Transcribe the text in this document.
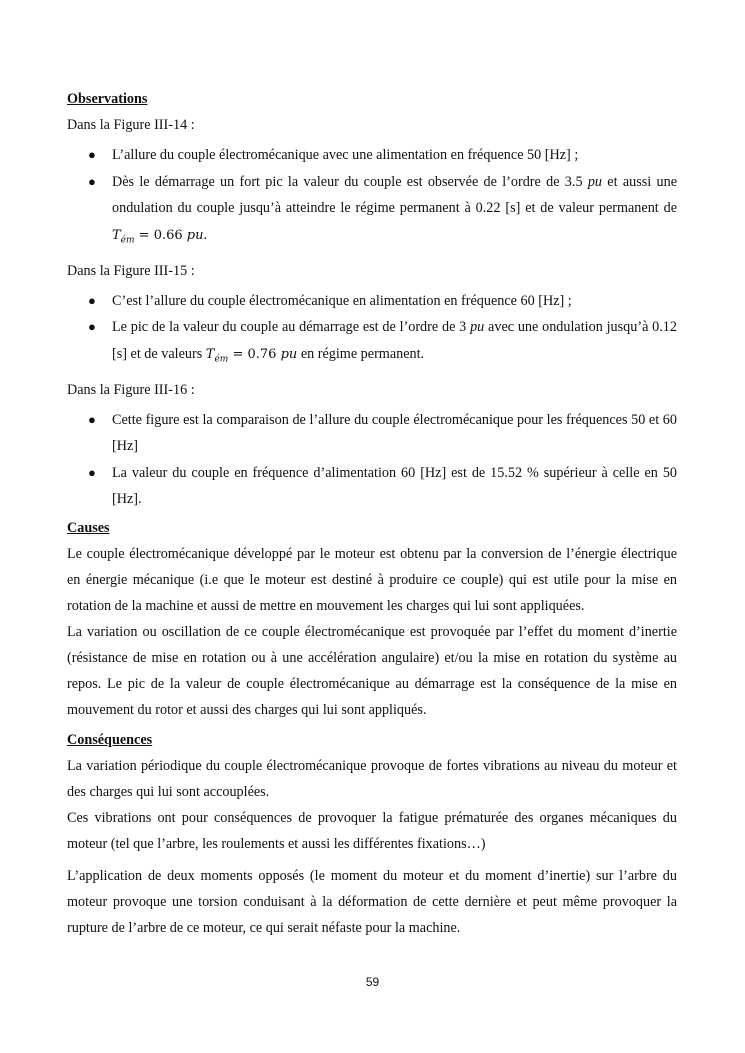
Observations

Dans la Figure III-14 :

● L’allure du couple électromécanique avec une alimentation en fréquence 50 [Hz] ;
● Dès le démarrage un fort pic la valeur du couple est observée de l’ordre de 3.5 pu et aussi une ondulation du couple jusqu’à atteindre le régime permanent à 0.22 [s] et de valeur permanent de $T_{ém} = 0.66$ pu.

Dans la Figure III-15 :

● C’est l’allure du couple électromécanique en alimentation en fréquence 60 [Hz] ;
● Le pic de la valeur du couple au démarrage est de l’ordre de 3 pu avec une ondulation jusqu’à 0.12 [s] et de valeurs $T_{ém} = 0.76$ pu en régime permanent.

Dans la Figure III-16 :

● Cette figure est la comparaison de l’allure du couple électromécanique pour les fréquences 50 et 60 [Hz]
● La valeur du couple en fréquence d’alimentation 60 [Hz] est de 15.52 % supérieur à celle en 50 [Hz].

Causes

Le couple électromécanique développé par le moteur est obtenu par la conversion de l’énergie électrique en énergie mécanique (i.e que le moteur est destiné à produire ce couple) qui est utile pour la mise en rotation de la machine et aussi de mettre en mouvement les charges qui lui sont appliquées.

La variation ou oscillation de ce couple électromécanique est provoquée par l’effet du moment d’inertie (résistance de mise en rotation ou à une accélération angulaire) et/ou la mise en rotation du système au repos. Le pic de la valeur de couple électromécanique au démarrage est la conséquence de la mise en mouvement du rotor et aussi des charges qui lui sont appliqués.

Conséquences

La variation périodique du couple électromécanique provoque de fortes vibrations au niveau du moteur et des charges qui lui sont accouplées.

Ces vibrations ont pour conséquences de provoquer la fatigue prématurée des organes mécaniques du moteur (tel que l’arbre, les roulements et aussi les différentes fixations…)

L’application de deux moments opposés (le moment du moteur et du moment d’inertie) sur l’arbre du moteur provoque une torsion conduisant à la déformation de cette dernière et peut même provoquer la rupture de l’arbre de ce moteur, ce qui serait néfaste pour la machine.

59
